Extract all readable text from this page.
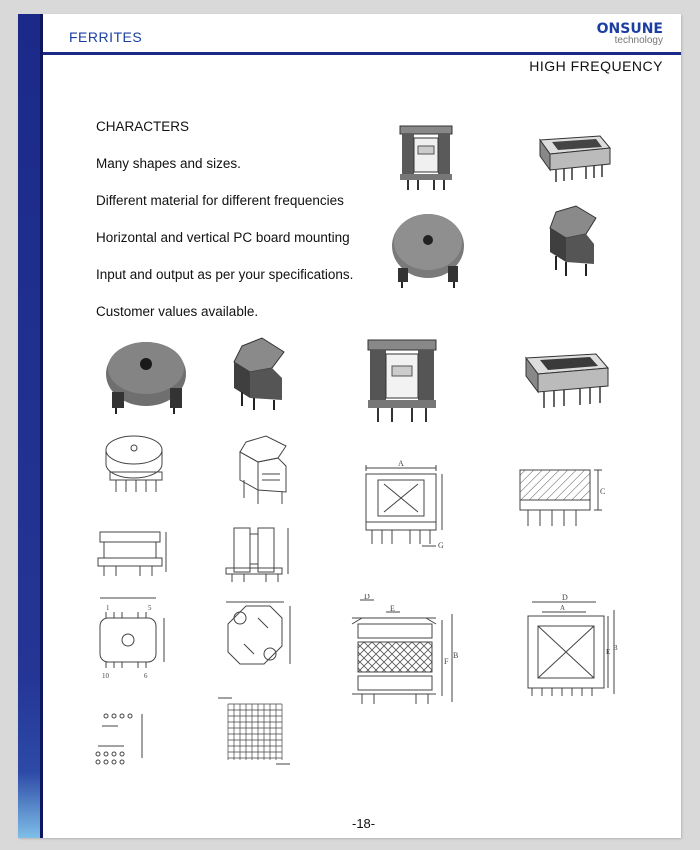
FERRITES	ONSUNE
technology
HIGH FREQUENCY
CHARACTERS
Many shapes and sizes.
Different material for different frequencies
Horizontal and vertical PC board mounting
Input and output as per your specifications.
Customer values available.
A
G
C
1	5
10	6
D
E
F
B
D
A
E B
-18-
